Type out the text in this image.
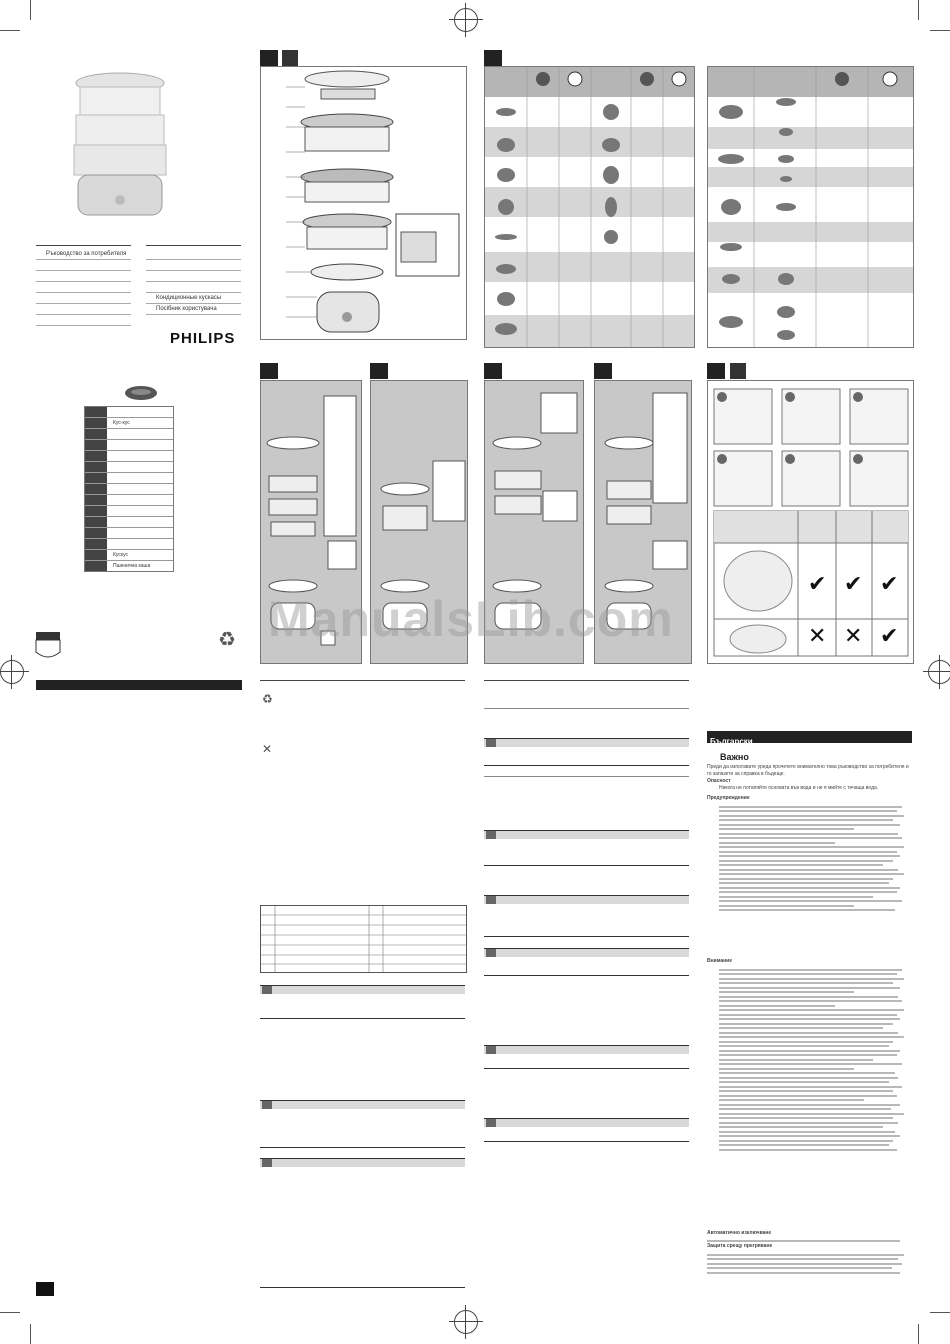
Ръководство за потребителя
Кондиционные кускасы
Посібник користувача
PHILIPS
Кус-кус
Кускус
Пшенична каша
♻ ManualsLib.com
✔ ✔ ✔
✕ ✕ ✔
♻
✕
Български
Важно
Преди да използвате уреда прочетете внимателно това ръководство за потребителя и го запазете за справка в бъдеще.
Опасност
Никога не потапяйте основата във вода и не я мийте с течаща вода.
Предупреждение
Внимание
Автоматично изключване
Защита срещу прегряване
